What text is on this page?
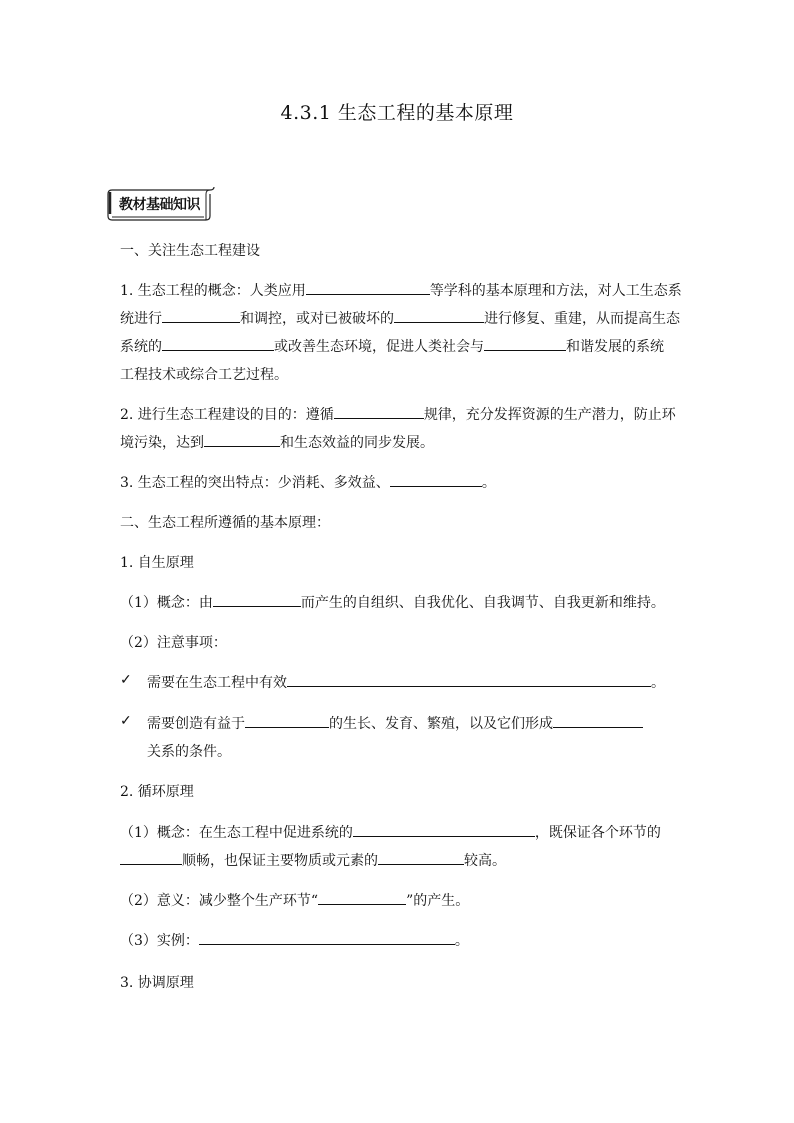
4.3.1 生态工程的基本原理
教材基础知识
一、关注生态工程建设
1. 生态工程的概念：人类应用	等学科的基本原理和方法，对人工生态系
统进行	和调控，或对已被破坏的	进行修复、重建，从而提高生态
系统的	或改善生态环境，促进人类社会与	和谐发展的系统
工程技术或综合工艺过程。
2. 进行生态工程建设的目的：遵循	规律，充分发挥资源的生产潜力，防止环
境污染，达到	和生态效益的同步发展。
3. 生态工程的突出特点：少消耗、多效益、	。
二、生态工程所遵循的基本原理：
1. 自生原理
（1）概念：由	而产生的自组织、自我优化、自我调节、自我更新和维持。
（2）注意事项：
✓ 需要在生态工程中有效	。
✓ 需要创造有益于	的生长、发育、繁殖，以及它们形成
关系的条件。
2. 循环原理
（1）概念：在生态工程中促进系统的	，既保证各个环节的
顺畅，也保证主要物质或元素的	较高。
（2）意义：减少整个生产环节“	”的产生。
（3）实例：	。
3. 协调原理
